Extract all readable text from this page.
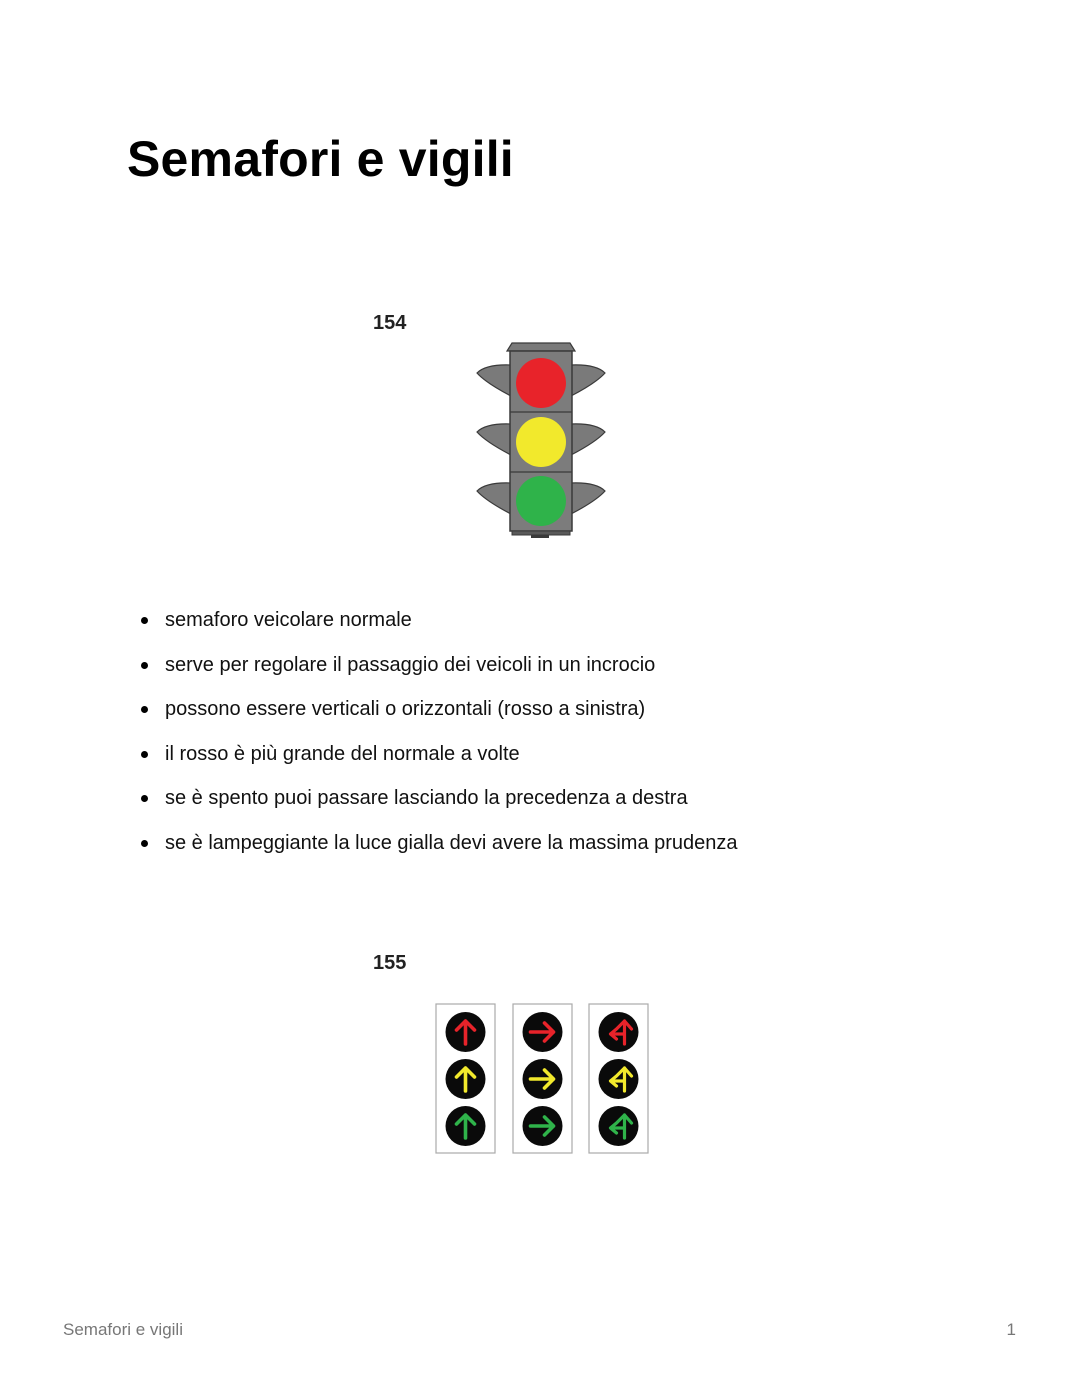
Semafori e vigili
154
semaforo veicolare normale
serve per regolare il passaggio dei veicoli in un incrocio
possono essere verticali o orizzontali (rosso a sinistra)
il rosso è più grande del normale a volte
se è spento puoi passare lasciando la precedenza a destra
se è lampeggiante la luce gialla devi avere la massima prudenza
155
Semafori e vigili	1
